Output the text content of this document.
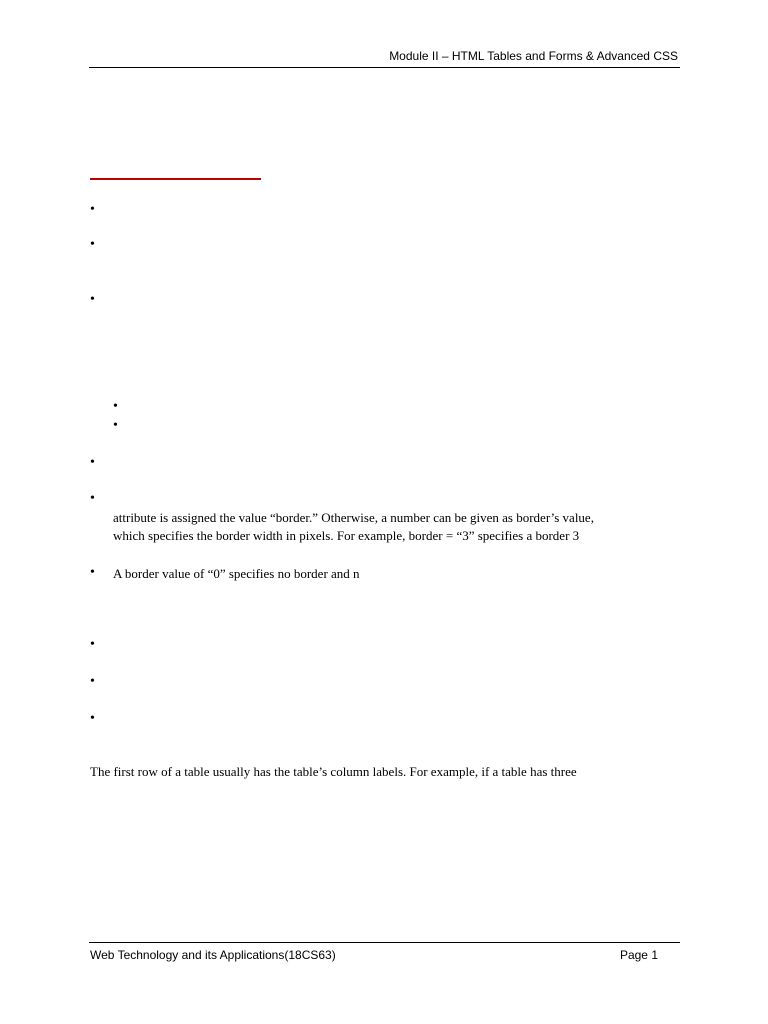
Module II – HTML Tables and Forms & Advanced CSS
•
•
•
•
•
•
•
attribute is assigned the value “border.” Otherwise, a number can be given as border’s value,
which specifies the border width in pixels. For example, border = “3” specifies a border 3
• A border value of “0” specifies no border and n
•
•
•
The first row of a table usually has the table’s column labels. For example, if a table has three
Web Technology and its Applications(18CS63)	Page 1
